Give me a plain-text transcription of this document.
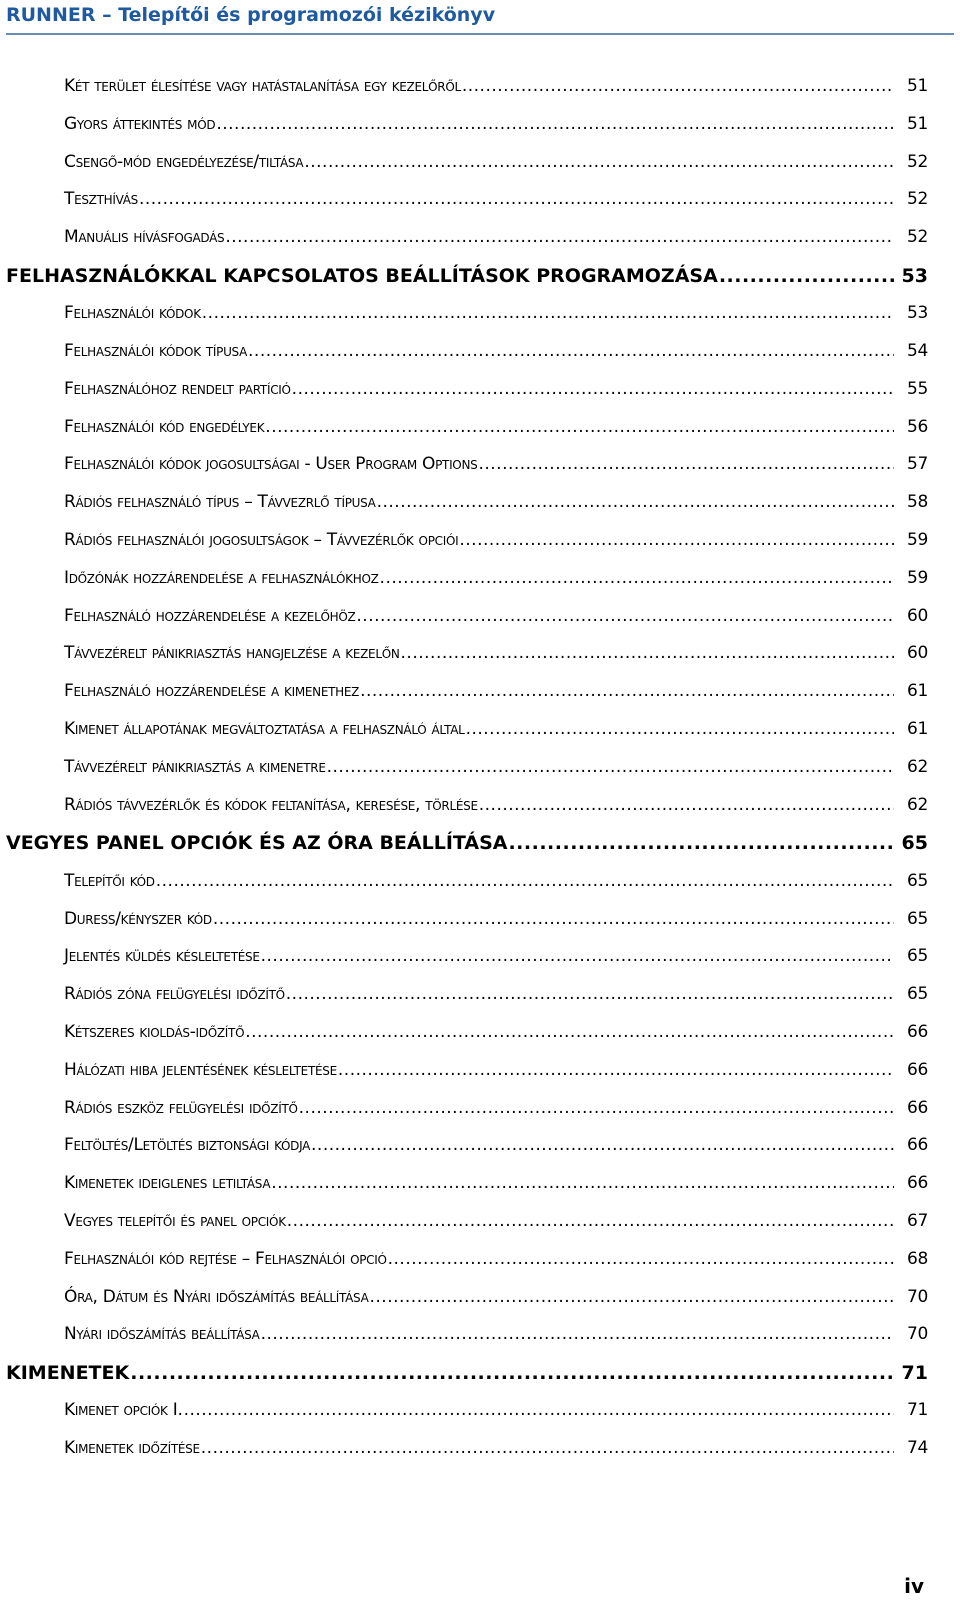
RUNNER – Telepítői és programozói kézikönyv
Két terület élesítése vagy hatástalanítása egy kezelőről .....	51
Gyors áttekintés mód .....	51
Csengő-mód engedélyezése/tiltása .....	52
Teszthívás .....	52
Manuális hívásfogadás .....	52
FELHASZNÁLÓKKAL KAPCSOLATOS BEÁLLÍTÁSOK PROGRAMOZÁSA .....	53
Felhasználói kódok .....	53
Felhasználói kódok típusa .....	54
Felhasználóhoz rendelt partíció .....	55
Felhasználói kód engedélyek .....	56
Felhasználói kódok jogosultságai - User Program Options .....	57
Rádiós felhasználó típus – Távvezrlő típusa .....	58
Rádiós felhasználói jogosultságok – Távvezérlők opciói .....	59
Időzónák hozzárendelése a felhasználókhoz .....	59
Felhasználó hozzárendelése a kezelőhöz .....	60
Távvezérelt pánikriasztás hangjelzése a kezelőn .....	60
Felhasználó hozzárendelése a kimenethez .....	61
Kimenet állapotának megváltoztatása a felhasználó által .....	61
Távvezérelt pánikriasztás a kimenetre .....	62
Rádiós távvezérlők és kódok feltanítása, keresése, törlése .....	62
VEGYES PANEL OPCIÓK ÉS AZ ÓRA BEÁLLÍTÁSA .....	65
Telepítői kód .....	65
Duress/kényszer kód .....	65
Jelentés küldés késleltetése .....	65
Rádiós zóna felügyelési időzítő .....	65
Kétszeres kioldás-időzítő .....	66
Hálózati hiba jelentésének késleltetése .....	66
Rádiós eszköz felügyelési időzítő .....	66
Feltöltés/Letöltés biztonsági kódja .....	66
Kimenetek ideiglenes letiltása .....	66
Vegyes telepítői és panel opciók .....	67
Felhasználói kód rejtése – Felhasználói opció .....	68
Óra, Dátum és Nyári időszámítás beállítása .....	70
Nyári időszámítás beállítása .....	70
KIMENETEK .....	71
Kimenet opciók I. .....	71
Kimenetek időzítése .....	74
iv
